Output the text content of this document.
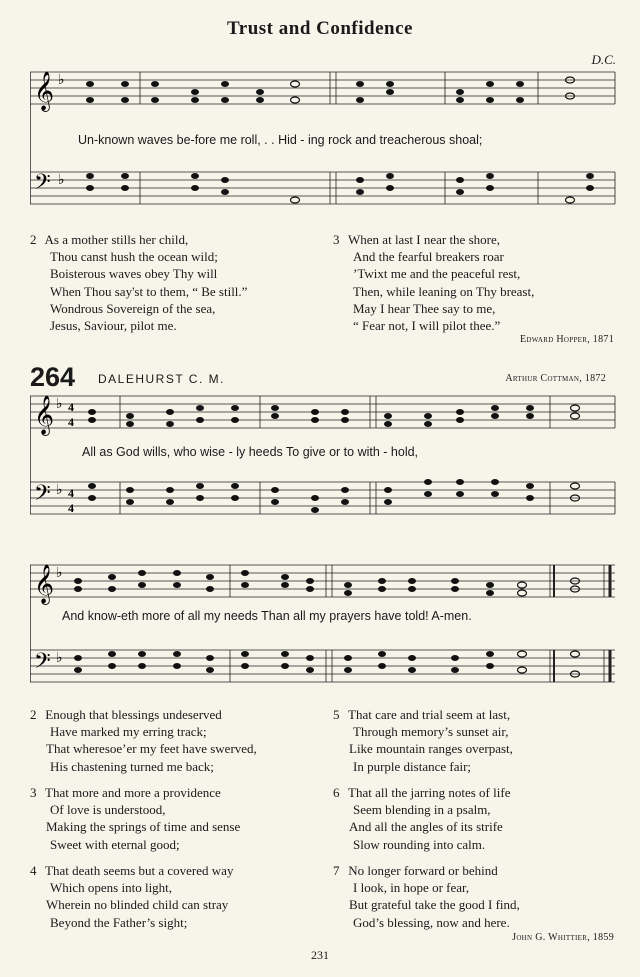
Trust and Confidence
D.C.
𝄞
𝄢
♭
♭
Un-known waves be-fore me roll, . . Hid - ing rock and treacherous shoal;
2 As a mother stills her child,
Thou canst hush the ocean wild;
Boisterous waves obey Thy will
When Thou say'st to them, “ Be still.”
Wondrous Sovereign of the sea,
Jesus, Saviour, pilot me.
3 When at last I near the shore,
And the fearful breakers roar
’Twixt me and the peaceful rest,
Then, while leaning on Thy breast,
May I hear Thee say to me,
“ Fear not, I will pilot thee.”
Edward Hopper, 1871
264 DALEHURST C. M.	Arthur Cottman, 1872
𝄞
𝄢
♭
♭
4
4
4
4
All as God wills, who wise - ly heeds To give or to with - hold,
𝄞
𝄢
♭
♭
And know-eth more of all my needs Than all my prayers have told! A-men.
2 Enough that blessings undeserved
Have marked my erring track;
That wheresoe’er my feet have swerved,
His chastening turned me back;
3 That more and more a providence
Of love is understood,
Making the springs of time and sense
Sweet with eternal good;
4 That death seems but a covered way
Which opens into light,
Wherein no blinded child can stray
Beyond the Father’s sight;
5 That care and trial seem at last,
Through memory’s sunset air,
Like mountain ranges overpast,
In purple distance fair;
6 That all the jarring notes of life
Seem blending in a psalm,
And all the angles of its strife
Slow rounding into calm.
7 No longer forward or behind
I look, in hope or fear,
But grateful take the good I find,
God’s blessing, now and here.
John G. Whittier, 1859
231
